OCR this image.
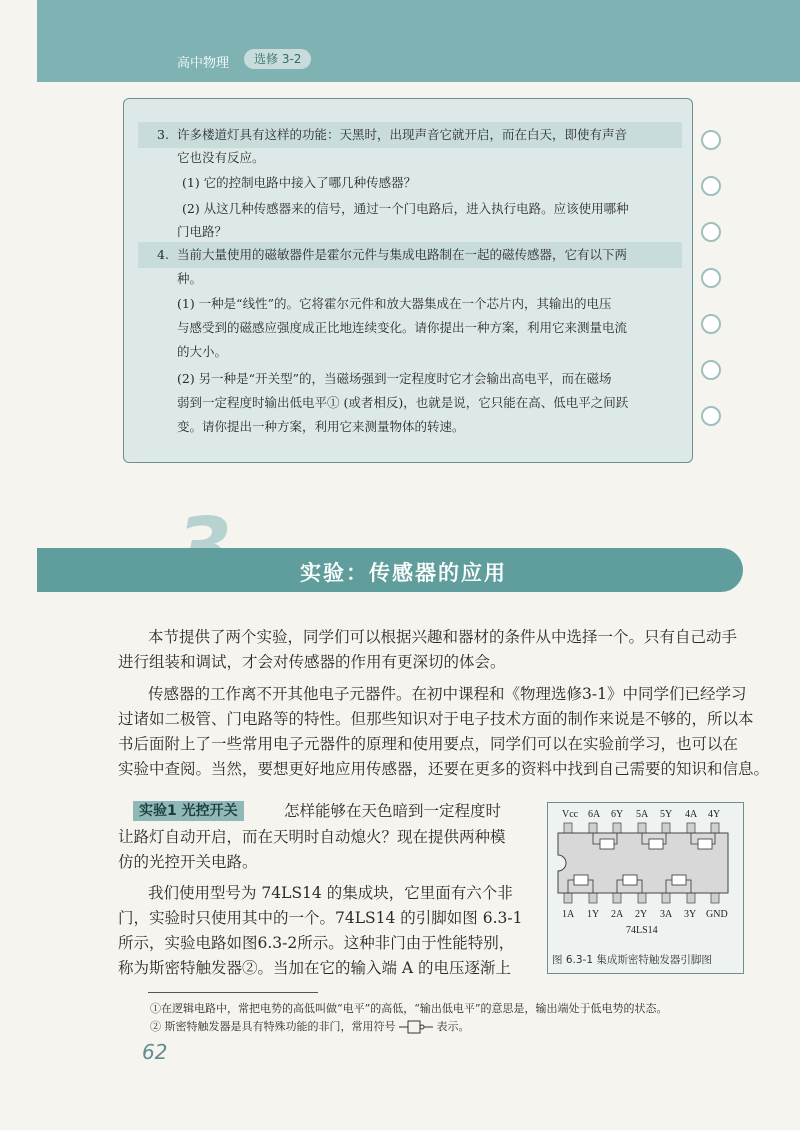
高中物理	选修 3-2

3. 许多楼道灯具有这样的功能：天黑时，出现声音它就开启，而在白天，即使有声音

它也没有反应。

(1) 它的控制电路中接入了哪几种传感器？

(2) 从这几种传感器来的信号，通过一个门电路后，进入执行电路。应该使用哪种

门电路？

4. 当前大量使用的磁敏器件是霍尔元件与集成电路制在一起的磁传感器，它有以下两

种。

(1) 一种是“线性”的。它将霍尔元件和放大器集成在一个芯片内，其输出的电压

与感受到的磁感应强度成正比地连续变化。请你提出一种方案，利用它来测量电流

的大小。

(2) 另一种是“开关型”的，当磁场强到一定程度时它才会输出高电平，而在磁场

弱到一定程度时输出低电平① (或者相反)，也就是说，它只能在高、低电平之间跃

变。请你提出一种方案，利用它来测量物体的转速。

实验：传感器的应用

本节提供了两个实验，同学们可以根据兴趣和器材的条件从中选择一个。只有自己动手

进行组装和调试，才会对传感器的作用有更深切的体会。

传感器的工作离不开其他电子元器件。在初中课程和《物理选修3-1》中同学们已经学习

过诸如二极管、门电路等的特性。但那些知识对于电子技术方面的制作来说是不够的，所以本

书后面附上了一些常用电子元器件的原理和使用要点，同学们可以在实验前学习，也可以在

实验中查阅。当然，要想更好地应用传感器，还要在更多的资料中找到自己需要的知识和信息。

实验1 光控开关	怎样能够在天色暗到一定程度时

让路灯自动开启，而在天明时自动熄火？现在提供两种模

仿的光控开关电路。

我们使用型号为 74LS14 的集成块，它里面有六个非

门，实验时只使用其中的一个。74LS14 的引脚如图 6.3-1

所示，实验电路如图6.3-2所示。这种非门由于性能特别，

称为斯密特触发器②。当加在它的输入端 A 的电压逐渐上

Vcc 6A 6Y 5A 5Y 4A 4Y
1A 1Y 2A 2Y 3A 3Y GND
74LS14
图 6.3-1 集成斯密特触发器引脚图

①在逻辑电路中，常把电势的高低叫做“电平”的高低，“输出低电平”的意思是，输出端处于低电势的状态。

② 斯密特触发器是具有特殊功能的非门，常用符号	表示。

62
